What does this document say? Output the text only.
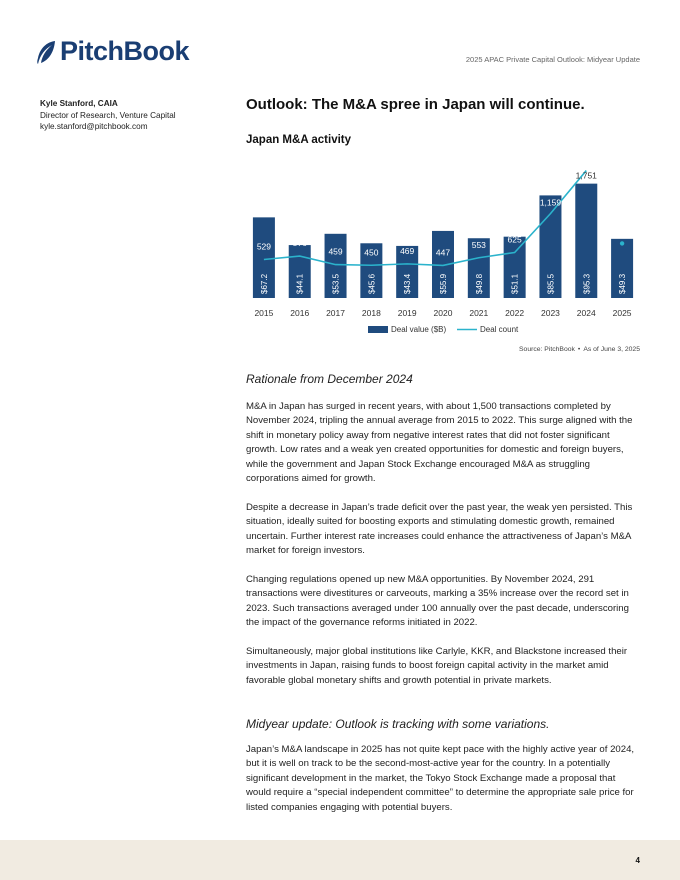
PitchBook	2025 APAC Private Capital Outlook: Midyear Update
Kyle Stanford, CAIA
Director of Research, Venture Capital
kyle.stanford@pitchbook.com
Outlook: The M&A spree in Japan will continue.
Japan M&A activity
$67.2
2015
$44.1
2016
$53.5
2017
$45.6
2018
$43.4
2019
$55.9
2020
$49.8
2021
$51.1
2022
$85.5
2023
$95.3
2024
$49.3
2025
529	576
459	450	469	447
553
625
1,159
1,751
750
Deal value ($B)	Deal count
Source: PitchBook • As of June 3, 2025
Rationale from December 2024

M&A in Japan has surged in recent years, with about 1,500 transactions completed by November 2024, tripling the annual average from 2015 to 2022. This surge aligned with the shift in monetary policy away from negative interest rates that did not foster significant growth. Low rates and a weak yen created opportunities for domestic and foreign buyers, while the government and Japan Stock Exchange encouraged M&A as struggling corporations aimed for growth.

Despite a decrease in Japan’s trade deficit over the past year, the weak yen persisted. This situation, ideally suited for boosting exports and stimulating domestic growth, remained uncertain. Further interest rate increases could enhance the attractiveness of Japan’s M&A market for foreign investors.

Changing regulations opened up new M&A opportunities. By November 2024, 291 transactions were divestitures or carveouts, marking a 35% increase over the record set in 2023. Such transactions averaged under 100 annually over the past decade, underscoring the impact of the governance reforms initiated in 2022.

Simultaneously, major global institutions like Carlyle, KKR, and Blackstone increased their investments in Japan, raising funds to boost foreign capital activity in the market amid favorable global monetary shifts and growth potential in private markets.

Midyear update: Outlook is tracking with some variations.

Japan’s M&A landscape in 2025 has not quite kept pace with the highly active year of 2024, but it is well on track to be the second-most-active year for the country. In a potentially significant development in the market, the Tokyo Stock Exchange made a proposal that would require a “special independent committee” to determine the appropriate sale price for listed companies engaging with potential buyers.

4
